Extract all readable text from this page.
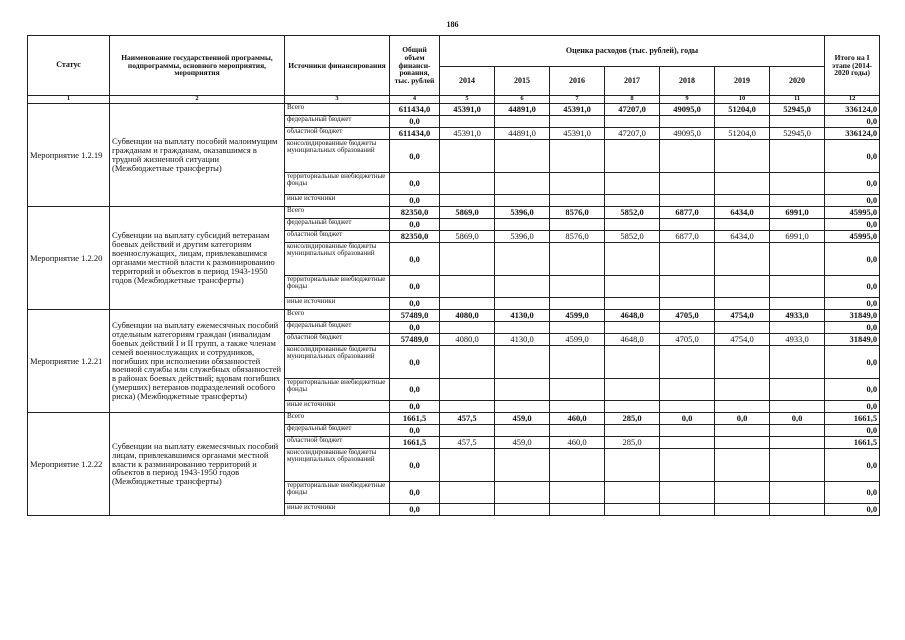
186
Статус	Наименование государственной программы, подпрограммы, основного мероприятия, мероприятия	Источники финансирования	Общий объем финанси-рования, тыс. рублей	Оценка расходов (тыс. рублей), годы							Итого на I этапе (2014-2020 годы)
				2014	2015	2016	2017	2018	2019	2020	
1	2	3	4	5	6	7	8	9	10	11	12
Мероприятие 1.2.19	Субвенции на выплату пособий малоимущим гражданам и гражданам, оказавшимся в трудной жизненной ситуации (Межбюджетные трансферты)	Всего	611434,0	45391,0	44891,0	45391,0	47207,0	49095,0	51204,0	52945,0	336124,0
		федеральный бюджет	0,0								0,0
		областной бюджет	611434,0	45391,0	44891,0	45391,0	47207,0	49095,0	51204,0	52945,0	336124,0
		консолидированные бюджеты муниципальных образований	0,0								0,0
		территориальные внебюджетные фонды	0,0								0,0
		иные источники	0,0								0,0
Мероприятие 1.2.20	Субвенции на выплату субсидий ветеранам боевых действий и другим категориям военнослужащих, лицам, привлекавшимся органами местной власти к разминированию территорий и объектов в период 1943-1950 годов (Межбюджетные трансферты)	Всего	82350,0	5869,0	5396,0	8576,0	5852,0	6877,0	6434,0	6991,0	45995,0
		федеральный бюджет	0,0								0,0
		областной бюджет	82350,0	5869,0	5396,0	8576,0	5852,0	6877,0	6434,0	6991,0	45995,0
		консолидированные бюджеты муниципальных образований	0,0								0,0
		территориальные внебюджетные фонды	0,0								0,0
		иные источники	0,0								0,0
Мероприятие 1.2.21	Субвенции на выплату ежемесячных пособий отдельным категориям граждан (инвалидам боевых действий I и II групп, а также членам семей военнослужащих и сотрудников, погибших при исполнении обязанностей военной службы или служебных обязанностей в районах боевых действий; вдовам погибших (умерших) ветеранов подразделений особого риска) (Межбюджетные трансферты)	Всего	57489,0	4080,0	4130,0	4599,0	4648,0	4705,0	4754,0	4933,0	31849,0
		федеральный бюджет	0,0								0,0
		областной бюджет	57489,0	4080,0	4130,0	4599,0	4648,0	4705,0	4754,0	4933,0	31849,0
		консолидированные бюджеты муниципальных образований	0,0								0,0
		территориальные внебюджетные фонды	0,0								0,0
		иные источники	0,0								0,0
Мероприятие 1.2.22	Субвенции на выплату ежемесячных пособий лицам, привлекавшимся органами местной власти к разминированию территорий и объектов в период 1943-1950 годов (Межбюджетные трансферты)	Всего	1661,5	457,5	459,0	460,0	285,0	0,0	0,0	0,0	1661,5
		федеральный бюджет	0,0								0,0
		областной бюджет	1661,5	457,5	459,0	460,0	285,0				1661,5
		консолидированные бюджеты муниципальных образований	0,0								0,0
		территориальные внебюджетные фонды	0,0								0,0
		иные источники	0,0								0,0
